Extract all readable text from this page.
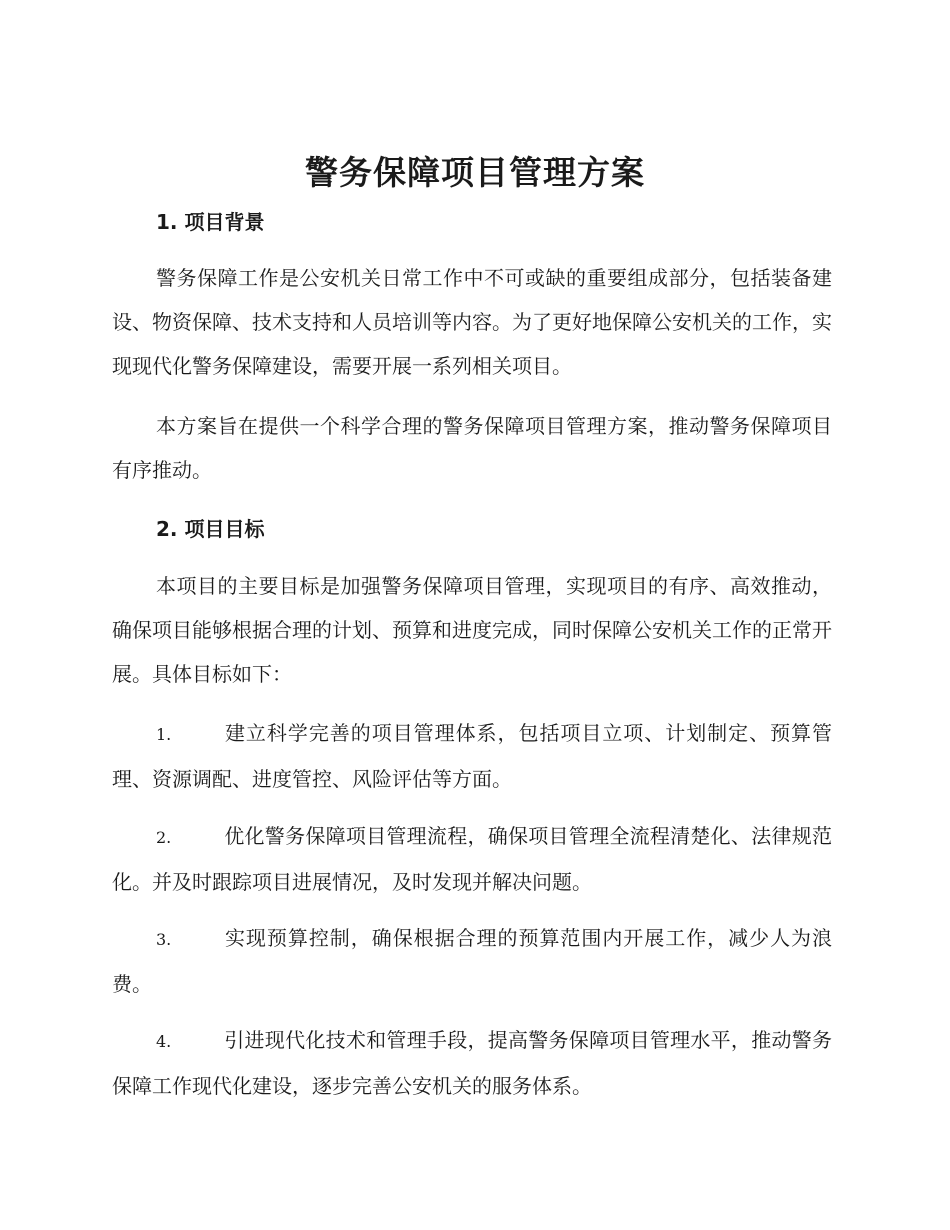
警务保障项目管理方案
1. 项目背景

警务保障工作是公安机关日常工作中不可或缺的重要组成部分，包括装备建设、物资保障、技术支持和人员培训等内容。为了更好地保障公安机关的工作，实现现代化警务保障建设，需要开展一系列相关项目。

本方案旨在提供一个科学合理的警务保障项目管理方案，推动警务保障项目有序推动。

2. 项目目标

本项目的主要目标是加强警务保障项目管理，实现项目的有序、高效推动，确保项目能够根据合理的计划、预算和进度完成，同时保障公安机关工作的正常开展。具体目标如下：

1.	建立科学完善的项目管理体系，包括项目立项、计划制定、预算管理、资源调配、进度管控、风险评估等方面。

2.	优化警务保障项目管理流程，确保项目管理全流程清楚化、法律规范化。并及时跟踪项目进展情况，及时发现并解决问题。

3.	实现预算控制，确保根据合理的预算范围内开展工作，减少人为浪费。

4.	引进现代化技术和管理手段，提高警务保障项目管理水平，推动警务保障工作现代化建设，逐步完善公安机关的服务体系。
